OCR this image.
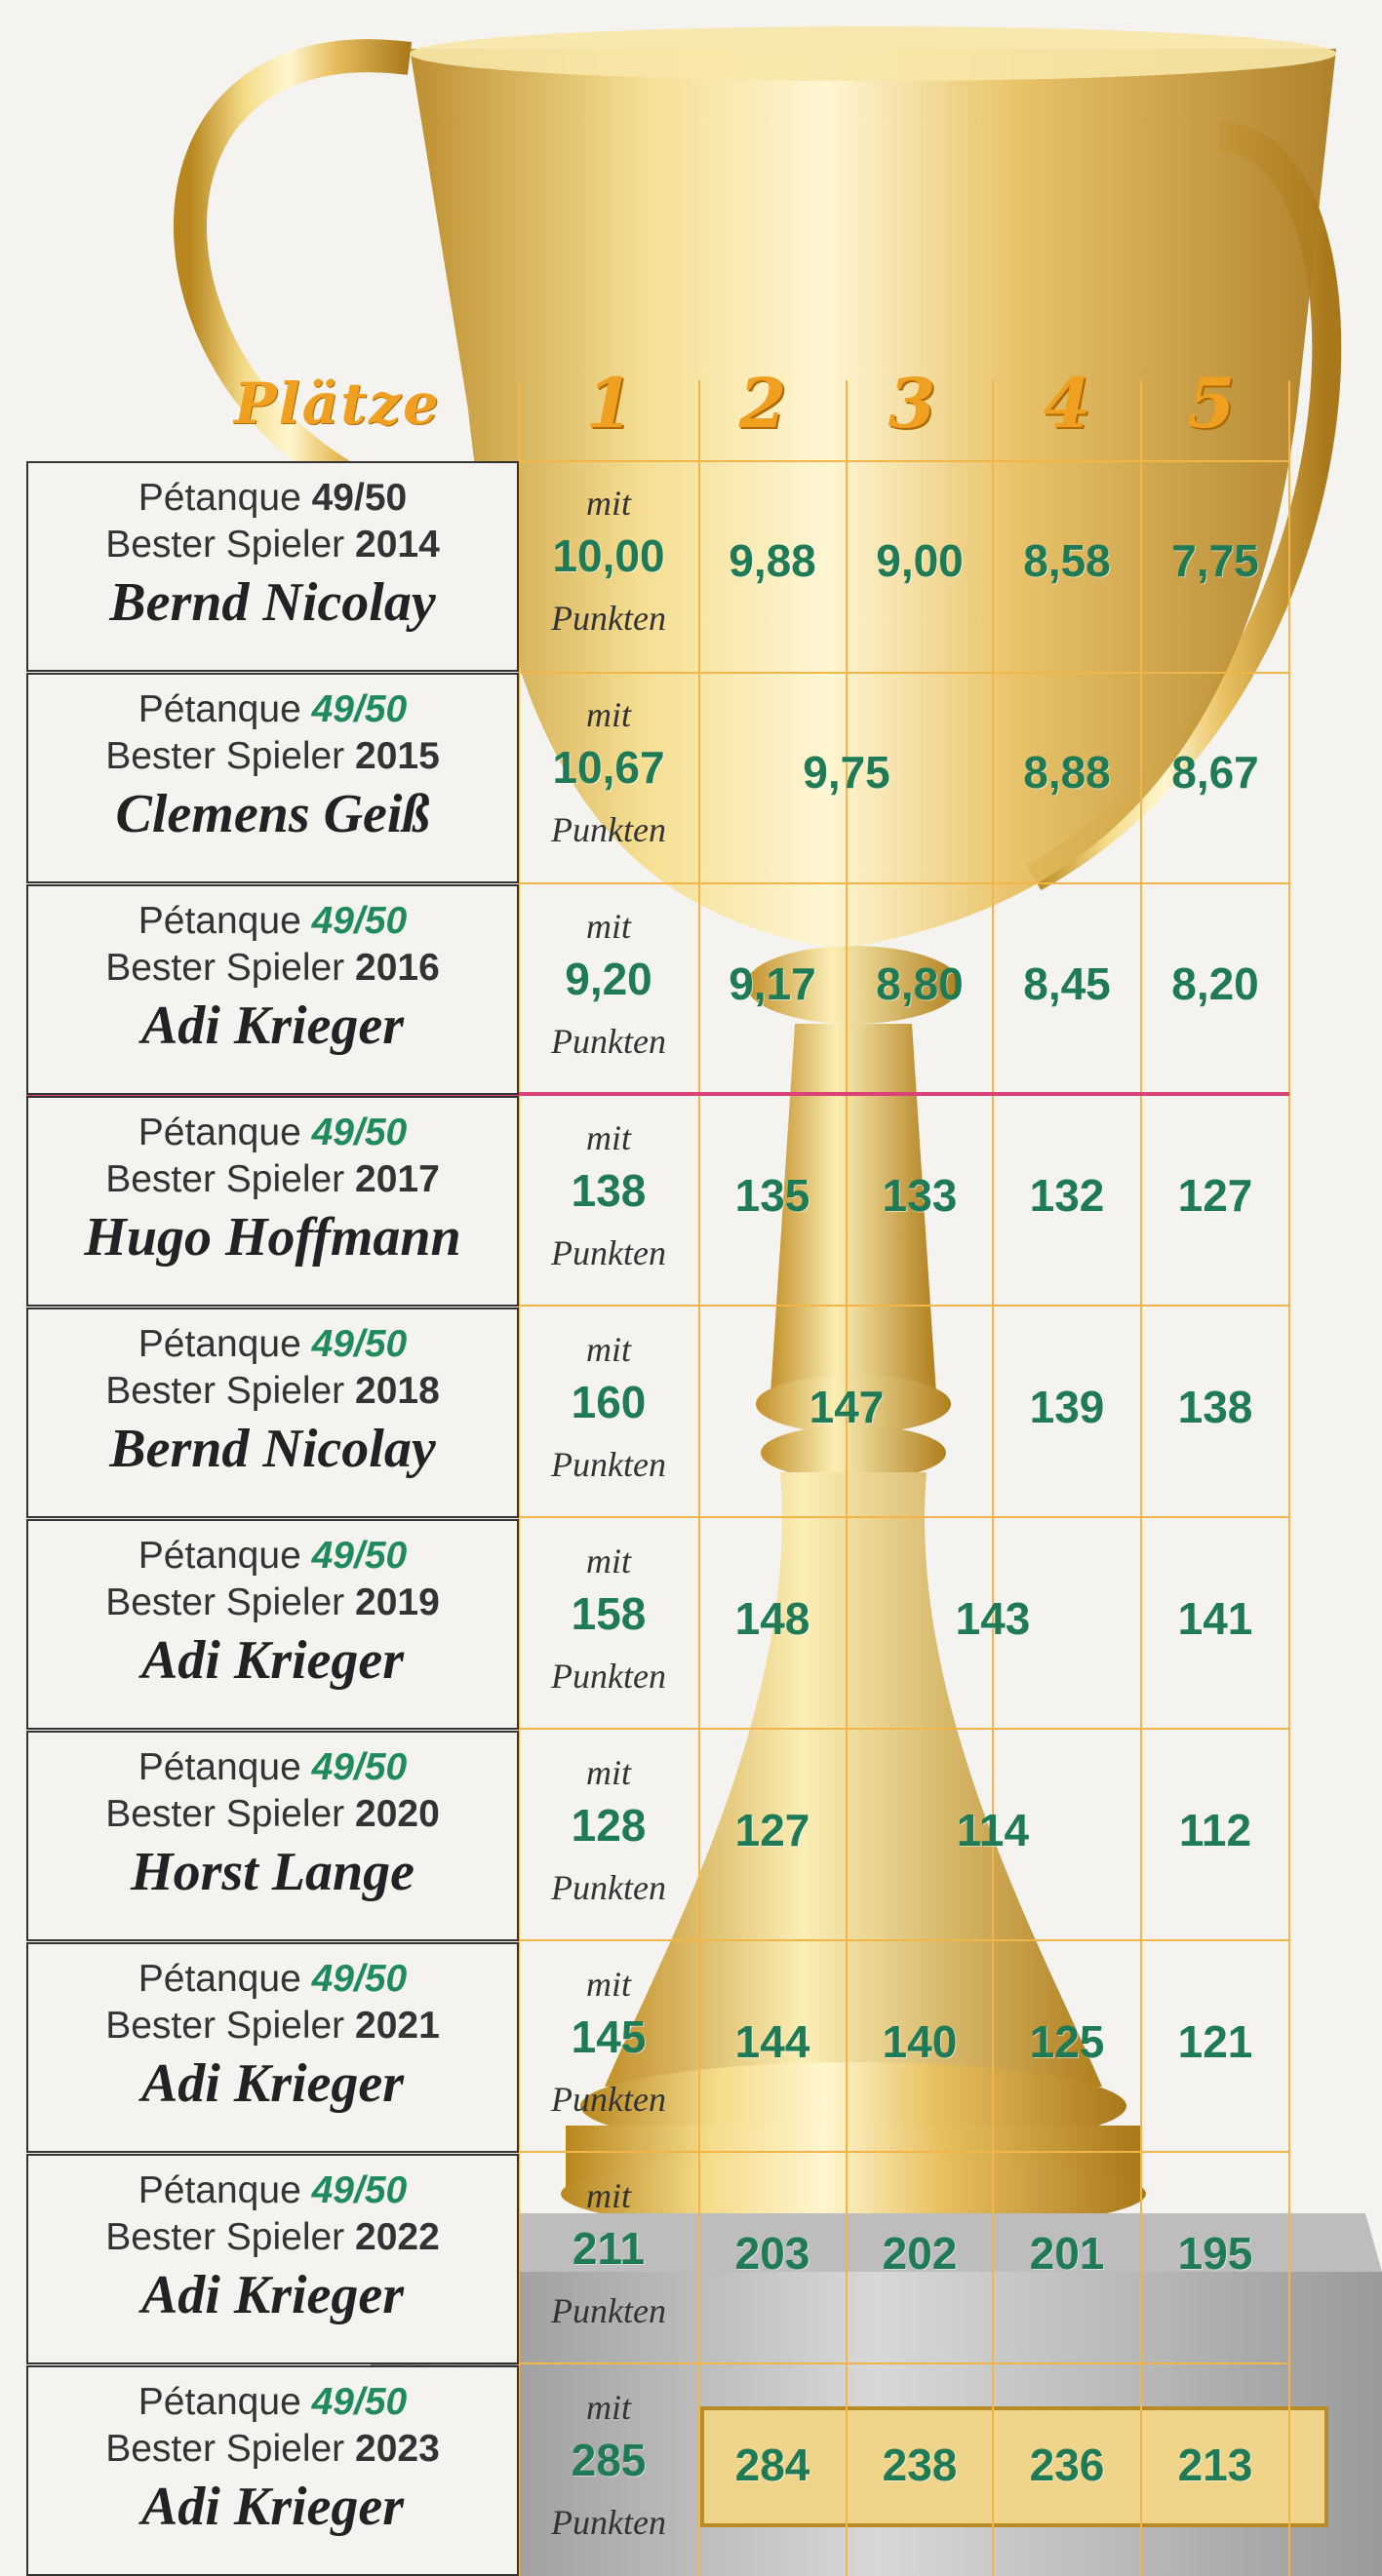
Plätze 1 2 3 4 5
Pétanque 49/50
Bester Spieler 2014
Bernd Nicolay
mit
10,00
Punkten
9,88	9,00	8,58	7,75
Pétanque 49/50
Bester Spieler 2015
Clemens Geiß
mit
10,67
Punkten
9,75	8,88	8,67
Pétanque 49/50
Bester Spieler 2016
Adi Krieger
mit
9,20
Punkten
9,17	8,80	8,45	8,20
Pétanque 49/50
Bester Spieler 2017
Hugo Hoffmann
mit
138
Punkten
135	133	132	127
Pétanque 49/50
Bester Spieler 2018
Bernd Nicolay
mit
160
Punkten
147	139	138
Pétanque 49/50
Bester Spieler 2019
Adi Krieger
mit
158
Punkten
148	143	141
Pétanque 49/50
Bester Spieler 2020
Horst Lange
mit
128
Punkten
127	114	112
Pétanque 49/50
Bester Spieler 2021
Adi Krieger
mit
145
Punkten
144	140	125	121
Pétanque 49/50
Bester Spieler 2022
Adi Krieger
mit
211
Punkten
203	202	201	195
Pétanque 49/50
Bester Spieler 2023
Adi Krieger
mit
285
Punkten
284	238	236	213
